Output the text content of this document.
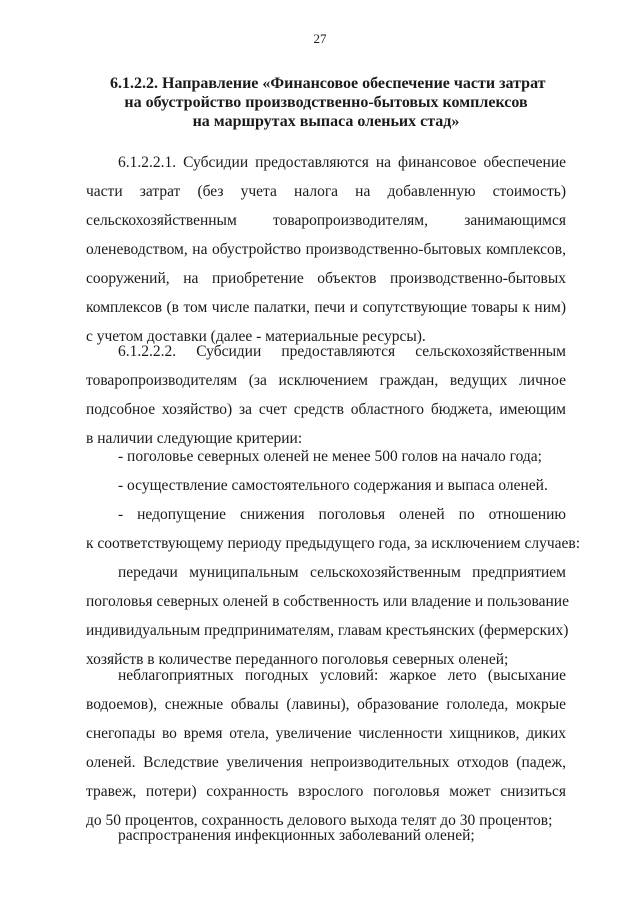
27
6.1.2.2. Направление «Финансовое обеспечение части затрат
на обустройство производственно-бытовых комплексов
на маршрутах выпаса оленьих стад»
6.1.2.2.1. Субсидии предоставляются на финансовое обеспечение
части затрат (без учета налога на добавленную стоимость)
сельскохозяйственным товаропроизводителям, занимающимся
оленеводством, на обустройство производственно-бытовых комплексов,
сооружений, на приобретение объектов производственно-бытовых
комплексов (в том числе палатки, печи и сопутствующие товары к ним)
с учетом доставки (далее - материальные ресурсы).
6.1.2.2.2. Субсидии предоставляются сельскохозяйственным
товаропроизводителям (за исключением граждан, ведущих личное
подсобное хозяйство) за счет средств областного бюджета, имеющим
в наличии следующие критерии:
- поголовье северных оленей не менее 500 голов на начало года;
- осуществление самостоятельного содержания и выпаса оленей.
- недопущение снижения поголовья оленей по отношению
к соответствующему периоду предыдущего года, за исключением случаев:
передачи муниципальным сельскохозяйственным предприятием
поголовья северных оленей в собственность или владение и пользование
индивидуальным предпринимателям, главам крестьянских (фермерских)
хозяйств в количестве переданного поголовья северных оленей;
неблагоприятных погодных условий: жаркое лето (высыхание
водоемов), снежные обвалы (лавины), образование гололеда, мокрые
снегопады во время отела, увеличение численности хищников, диких
оленей. Вследствие увеличения непроизводительных отходов (падеж,
травеж, потери) сохранность взрослого поголовья может снизиться
до 50 процентов, сохранность делового выхода телят до 30 процентов;
распространения инфекционных заболеваний оленей;
